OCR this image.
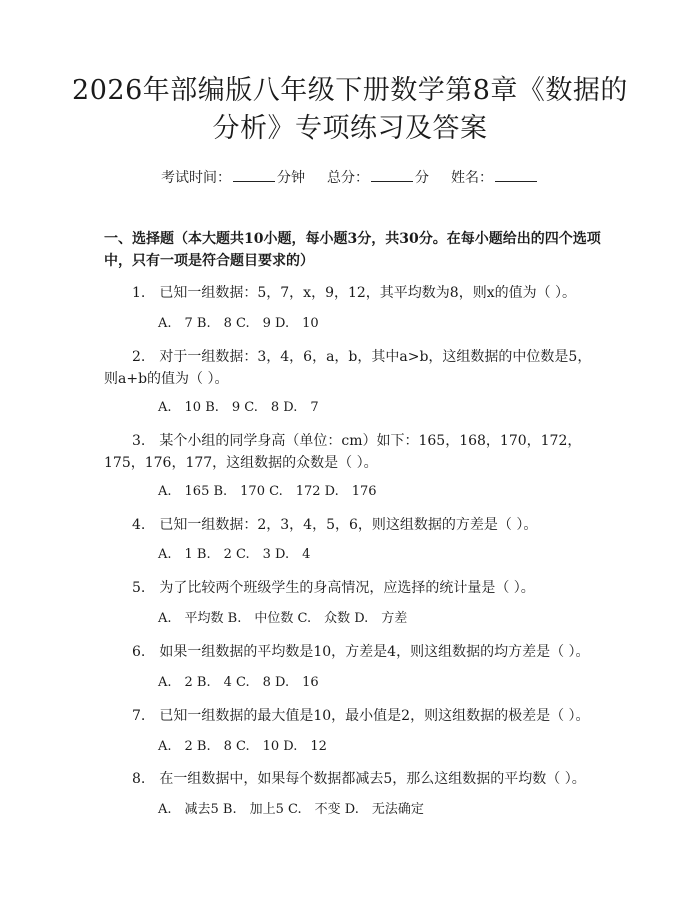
2026年部编版八年级下册数学第8章《数据的分析》专项练习及答案
考试时间：	分钟 总分：	分 姓名：
一、选择题（本大题共10小题，每小题3分，共30分。在每小题给出的四个选项中，只有一项是符合题目要求的）
1.　已知一组数据：5，7，x，9，12，其平均数为8，则x的值为（ ）。
A.　7 B.　8 C.　9 D.　10
2.　对于一组数据：3，4，6，a，b，其中a>b，这组数据的中位数是5，则a+b的值为（ ）。
A.　10 B.　9 C.　8 D.　7
3.　某个小组的同学身高（单位：cm）如下：165，168，170，172，175，176，177，这组数据的众数是（ ）。
A.　165 B.　170 C.　172 D.　176
4.　已知一组数据：2，3，4，5，6，则这组数据的方差是（ ）。
A.　1 B.　2 C.　3 D.　4
5.　为了比较两个班级学生的身高情况，应选择的统计量是（ ）。
A.　平均数 B.　中位数 C.　众数 D.　方差
6.　如果一组数据的平均数是10，方差是4，则这组数据的均方差是（ ）。
A.　2 B.　4 C.　8 D.　16
7.　已知一组数据的最大值是10，最小值是2，则这组数据的极差是（ ）。
A.　2 B.　8 C.　10 D.　12
8.　在一组数据中，如果每个数据都减去5，那么这组数据的平均数（ ）。
A.　减去5 B.　加上5 C.　不变 D.　无法确定
